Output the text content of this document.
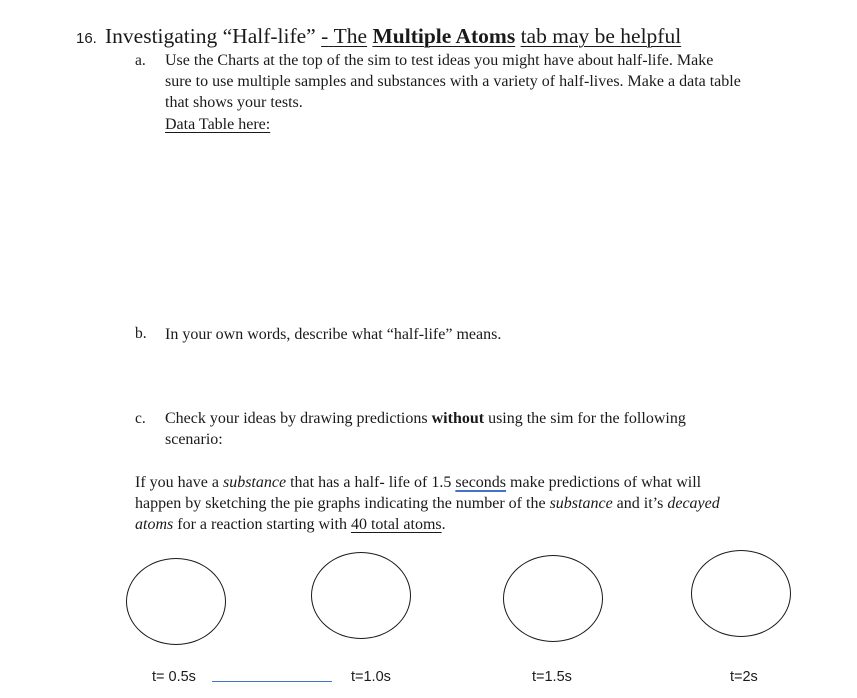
16. Investigating “Half-life” - The Multiple Atoms tab may be helpful
a. Use the Charts at the top of the sim to test ideas you might have about half-life. Make
sure to use multiple samples and substances with a variety of half-lives. Make a data table
that shows your tests.
Data Table here:
b. In your own words, describe what “half-life” means.
c. Check your ideas by drawing predictions without using the sim for the following
scenario:
If you have a substance that has a half- life of 1.5 seconds make predictions of what will
happen by sketching the pie graphs indicating the number of the substance and it’s decayed
atoms for a reaction starting with 40 total atoms.
t= 0.5s	t=1.0s	t=1.5s	t=2s
